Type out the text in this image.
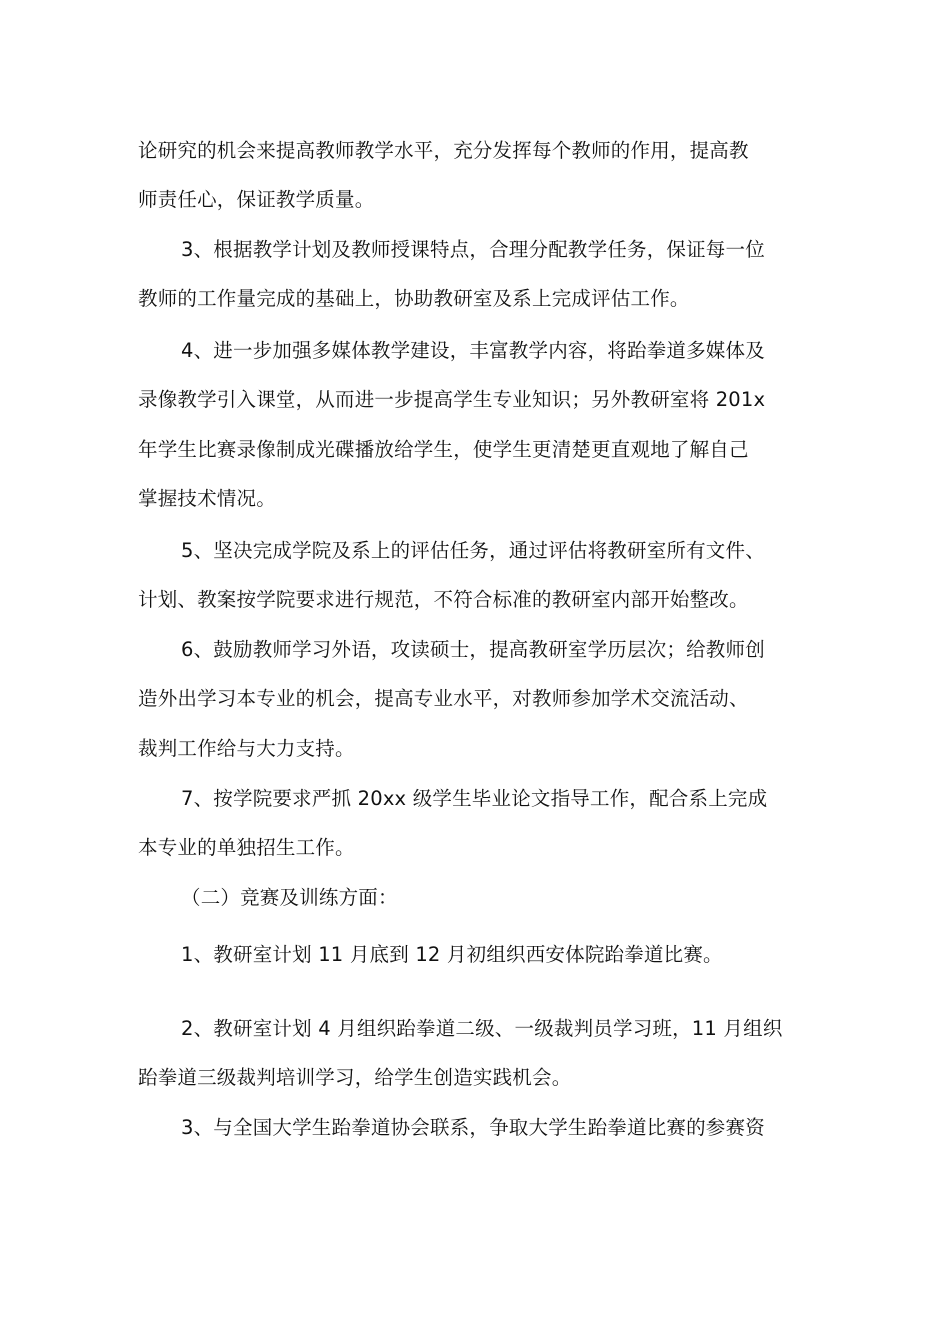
论研究的机会来提高教师教学水平，充分发挥每个教师的作用，提高教
师责任心，保证教学质量。
3、根据教学计划及教师授课特点，合理分配教学任务，保证每一位
教师的工作量完成的基础上，协助教研室及系上完成评估工作。
4、进一步加强多媒体教学建设，丰富教学内容，将跆拳道多媒体及
录像教学引入课堂，从而进一步提高学生专业知识；另外教研室将 201x
年学生比赛录像制成光碟播放给学生，使学生更清楚更直观地了解自己
掌握技术情况。
5、坚决完成学院及系上的评估任务，通过评估将教研室所有文件、
计划、教案按学院要求进行规范，不符合标准的教研室内部开始整改。
6、鼓励教师学习外语，攻读硕士，提高教研室学历层次；给教师创
造外出学习本专业的机会，提高专业水平，对教师参加学术交流活动、
裁判工作给与大力支持。
7、按学院要求严抓 20xx 级学生毕业论文指导工作，配合系上完成
本专业的单独招生工作。
（二）竞赛及训练方面：
1、教研室计划 11 月底到 12 月初组织西安体院跆拳道比赛。
2、教研室计划 4 月组织跆拳道二级、一级裁判员学习班，11 月组织
跆拳道三级裁判培训学习，给学生创造实践机会。
3、与全国大学生跆拳道协会联系，争取大学生跆拳道比赛的参赛资
